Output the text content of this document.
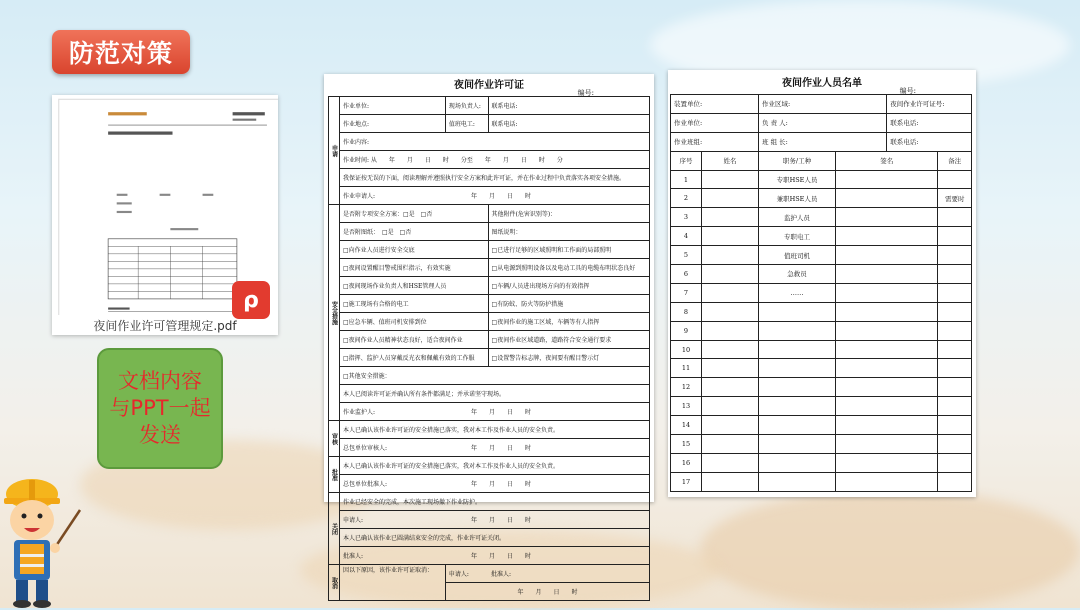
防范对策
ρ
夜间作业许可管理规定.pdf
文档内容与PPT一起发送
夜间作业许可证
编号:
申请	作业单位:	现场负责人:	联系电话:
	作业地点:	值班电工:	联系电话:
	作业内容:		
	作业时间: 从　　年　　月　　日　　时　　分至　　年　　月　　日　　时　　分		
	我保证按无误的下面，阅读理解并遵照执行安全方案和此许可证，并在作业过程中负责落实各项安全措施。		
	作业申请人:　　　　　　　　　　　　　　　　年　　月　　日　　时		
安全措施	是否附专项安全方案：□是　□否		其他附件(危害识别等)：
	是否附图纸：　□是　□否		图纸说明：
	□向作业人员进行安全交底		□已进行足够的区域照明和工作面的局部照明
	□夜间设置醒目警戒围栏指示，有效实施		□从电源到照明设备以及电动工具的电缆布明状态良好
	□夜间现场作业负责人和HSE管理人员		□车辆/人员进出现场方向的有效指挥
	□施工现场有合格的电工		□有防蚊、防火等防护措施
	□应急车辆、值班司机安排到位		□夜间作业的施工区域，车辆等有人指挥
	□夜间作业人员精神状态良好，适合夜间作业		□夜间作业区域道路，道路符合安全通行要求
	□指挥、监护人员穿戴反光衣和佩戴有效的工作服		□设置警告标志牌，夜间要有醒目警示灯
	□其他安全措施：		
	本人已阅读许可证并确认所有条件都满足；并承诺坚守现场。		
	作业监护人:　　　　　　　　　　　　　　　　年　　月　　日　　时		
审核	本人已确认该作业许可证的安全措施已落实，我对本工作及作业人员的安全负责。		
	总包单位审核人:　　　　　　　　　　　　　　年　　月　　日　　时		
批准	本人已确认该作业许可证的安全措施已落实，我对本工作及作业人员的安全负责。		
	总包单位批准人:　　　　　　　　　　　　　　年　　月　　日　　时		
关闭	作业已经安全的完成，本次施工现场撤下作业防护。		
	申请人:　　　　　　　　　　　　　　　　　　年　　月　　日　　时		
	本人已确认该作业已圆满结束安全的完成，作业许可证关闭。		
	批准人:　　　　　　　　　　　　　　　　　　年　　月　　日　　时		
取消	因以下原因，该作业许可证取消：	申请人:	批准人:
		年　　月　　日　　时	
夜间作业人员名单
编号:
装置单位:		作业区域:		夜间作业许可证号:	
作业单位:		负 责 人:		联系电话:	
作业班组:		班 组 长:		联系电话:	
序号	姓名	职务/工种	签名		备注
1		专职HSE人员			
2		兼职HSE人员			需要时
3		监护人员			
4		专职电工			
5		值班司机			
6		急救员			
7		……			
8					
9					
10					
11					
12					
13					
14					
15					
16					
17					
